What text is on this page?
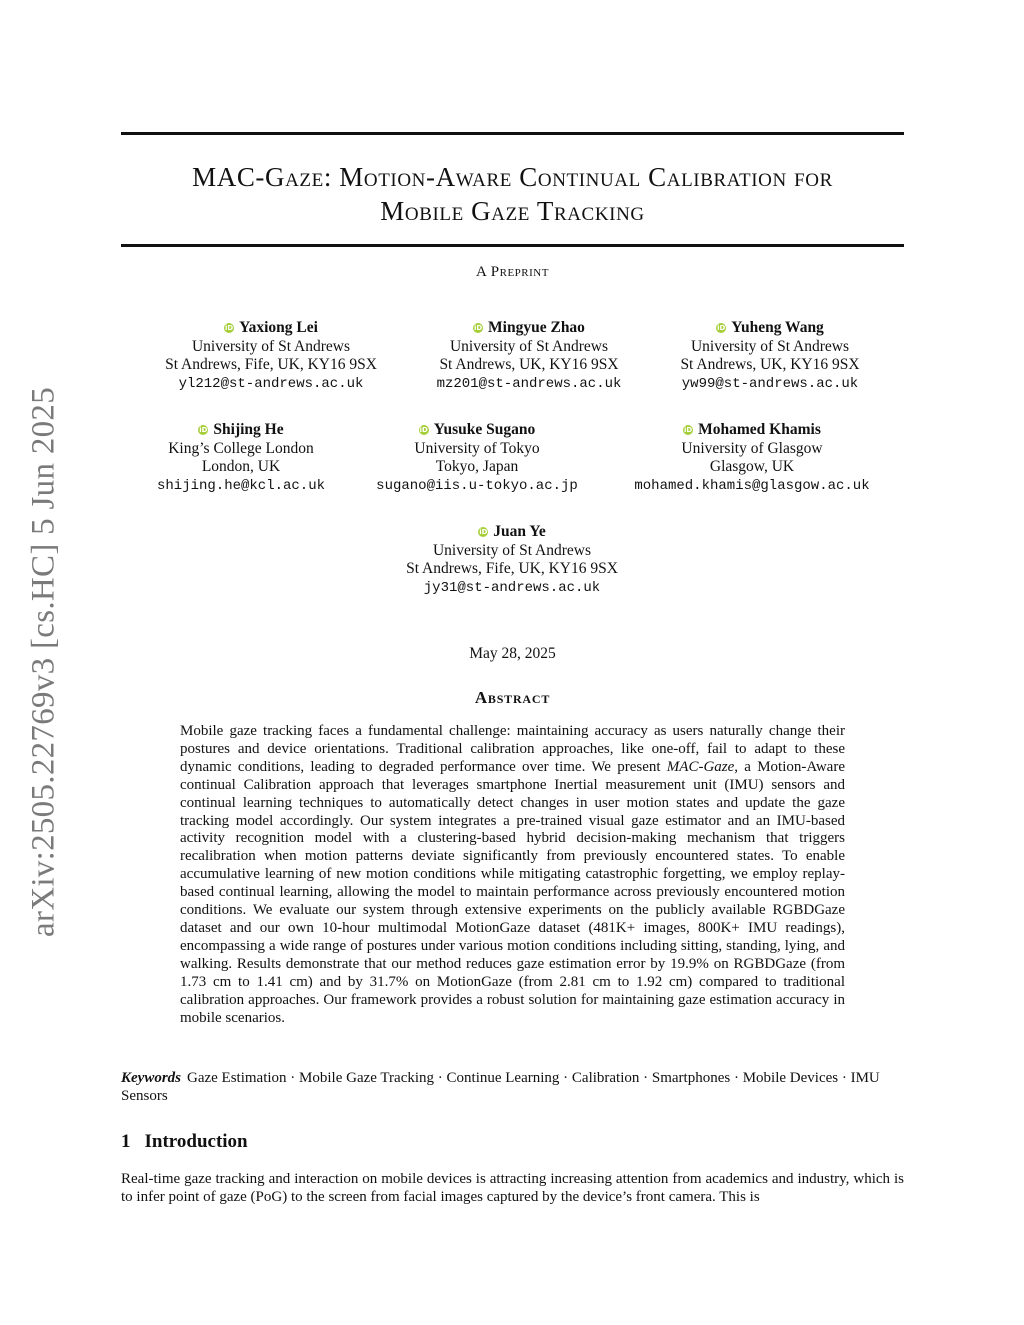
arXiv:2505.22769v3 [cs.HC] 5 Jun 2025
MAC-Gaze: Motion-Aware Continual Calibration for
Mobile Gaze Tracking
A Preprint
iD Yaxiong Lei
University of St Andrews
St Andrews, Fife, UK, KY16 9SX
yl212@st-andrews.ac.uk
iD Mingyue Zhao
University of St Andrews
St Andrews, UK, KY16 9SX
mz201@st-andrews.ac.uk
iD Yuheng Wang
University of St Andrews
St Andrews, UK, KY16 9SX
yw99@st-andrews.ac.uk
iD Shijing He
King’s College London
London, UK
shijing.he@kcl.ac.uk
iD Yusuke Sugano
University of Tokyo
Tokyo, Japan
sugano@iis.u-tokyo.ac.jp
iD Mohamed Khamis
University of Glasgow
Glasgow, UK
mohamed.khamis@glasgow.ac.uk
iD Juan Ye
University of St Andrews
St Andrews, Fife, UK, KY16 9SX
jy31@st-andrews.ac.uk
May 28, 2025
Abstract
Mobile gaze tracking faces a fundamental challenge: maintaining accuracy as users naturally change their postures and device orientations. Traditional calibration approaches, like one-off, fail to adapt to these dynamic conditions, leading to degraded performance over time. We present MAC-Gaze, a Motion-Aware continual Calibration approach that leverages smartphone Inertial measurement unit (IMU) sensors and continual learning techniques to automatically detect changes in user motion states and update the gaze tracking model accordingly. Our system integrates a pre-trained visual gaze estimator and an IMU-based activity recognition model with a clustering-based hybrid decision-making mechanism that triggers recalibration when motion patterns deviate significantly from previously encountered states. To enable accumulative learning of new motion conditions while mitigating catastrophic forgetting, we employ replay-based continual learning, allowing the model to maintain performance across previously encountered motion conditions. We evaluate our system through extensive experiments on the publicly available RGBDGaze dataset and our own 10-hour multimodal MotionGaze dataset (481K+ images, 800K+ IMU readings), encompassing a wide range of postures under various motion conditions including sitting, standing, lying, and walking. Results demonstrate that our method reduces gaze estimation error by 19.9% on RGBDGaze (from 1.73 cm to 1.41 cm) and by 31.7% on MotionGaze (from 2.81 cm to 1.92 cm) compared to traditional calibration approaches. Our framework provides a robust solution for maintaining gaze estimation accuracy in mobile scenarios.
Keywords Gaze Estimation · Mobile Gaze Tracking · Continue Learning · Calibration · Smartphones · Mobile Devices · IMU Sensors
1 Introduction
Real-time gaze tracking and interaction on mobile devices is attracting increasing attention from academics and industry, which is to infer point of gaze (PoG) to the screen from facial images captured by the device’s front camera. This is
